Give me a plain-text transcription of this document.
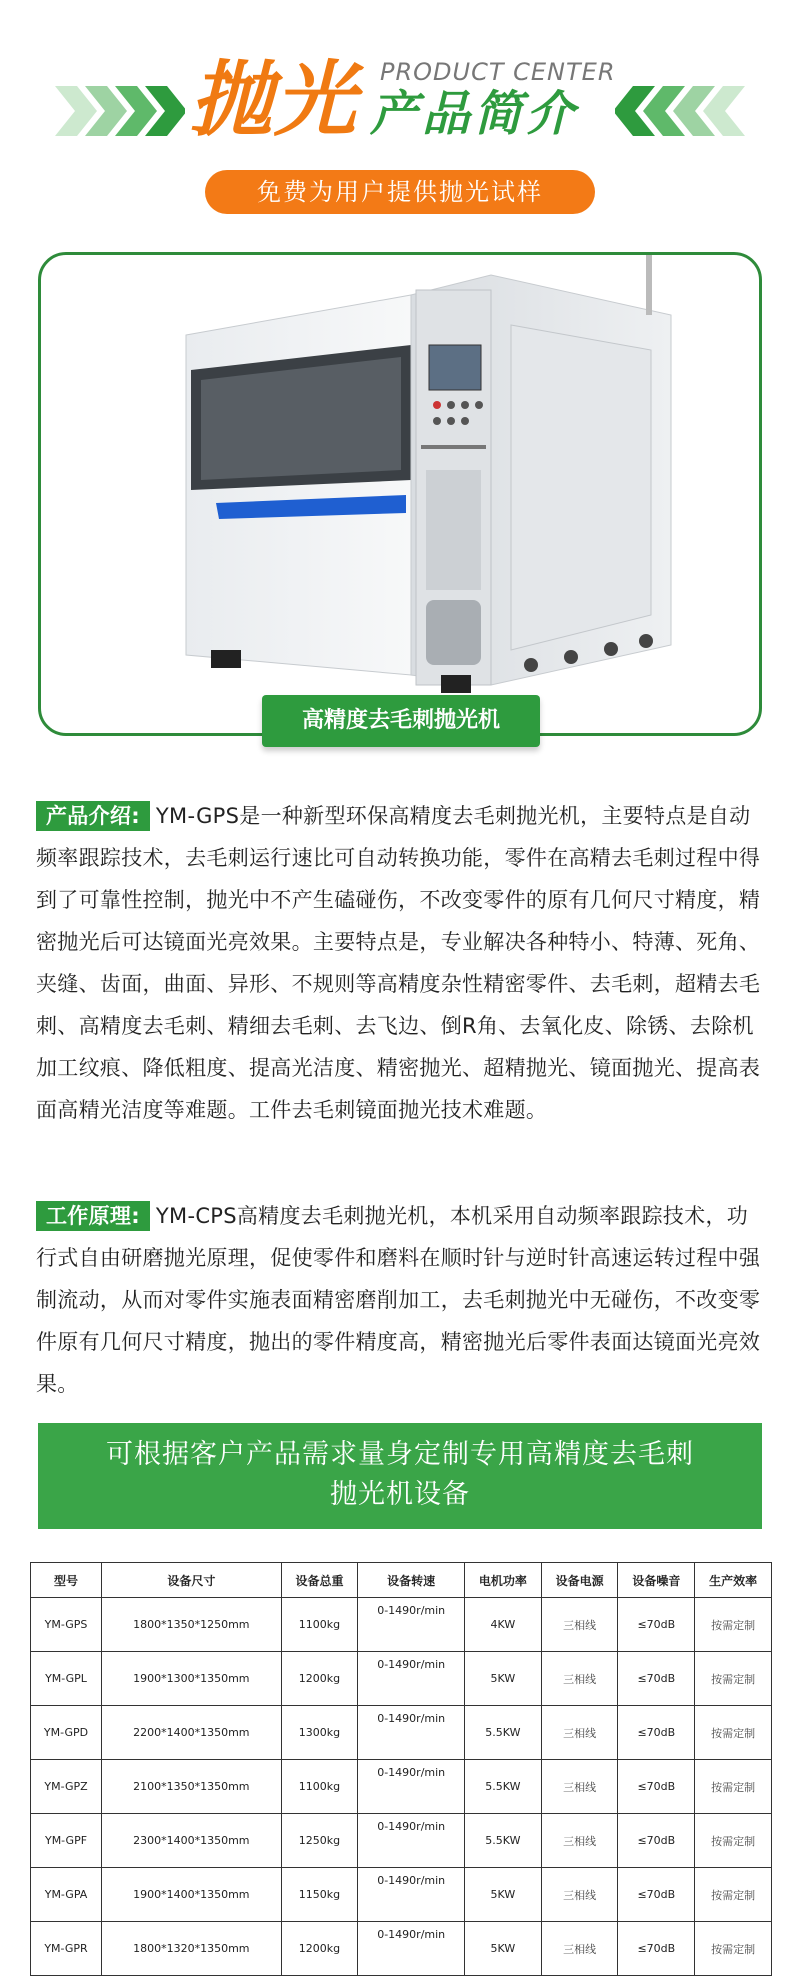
抛光 PRODUCT CENTER
产品简介
免费为用户提供抛光试样
高精度去毛刺抛光机
产品介绍: YM-GPS是一种新型环保高精度去毛刺抛光机，主要特点是自动频率跟踪技术，去毛刺运行速比可自动转换功能，零件在高精去毛刺过程中得到了可靠性控制，抛光中不产生磕碰伤，不改变零件的原有几何尺寸精度，精密抛光后可达镜面光亮效果。主要特点是，专业解决各种特小、特薄、死角、夹缝、齿面，曲面、异形、不规则等高精度杂性精密零件、去毛刺，超精去毛刺、高精度去毛刺、精细去毛刺、去飞边、倒R角、去氧化皮、除锈、去除机加工纹痕、降低粗度、提高光洁度、精密抛光、超精抛光、镜面抛光、提高表面高精光洁度等难题。工件去毛刺镜面抛光技术难题。
工作原理: YM-CPS高精度去毛刺抛光机，本机采用自动频率跟踪技术，功行式自由研磨抛光原理，促使零件和磨料在顺时针与逆时针高速运转过程中强制流动，从而对零件实施表面精密磨削加工，去毛刺抛光中无碰伤，不改变零件原有几何尺寸精度，抛出的零件精度高，精密抛光后零件表面达镜面光亮效果。
可根据客户产品需求量身定制专用高精度去毛刺
抛光机设备
型号	设备尺寸	设备总重	设备转速	电机功率	设备电源	设备噪音	生产效率
YM-GPS	1800*1350*1250mm	1100kg	0-1490r/min	4KW	三相线	≤70dB	按需定制
YM-GPL	1900*1300*1350mm	1200kg	0-1490r/min	5KW	三相线	≤70dB	按需定制
YM-GPD	2200*1400*1350mm	1300kg	0-1490r/min	5.5KW	三相线	≤70dB	按需定制
YM-GPZ	2100*1350*1350mm	1100kg	0-1490r/min	5.5KW	三相线	≤70dB	按需定制
YM-GPF	2300*1400*1350mm	1250kg	0-1490r/min	5.5KW	三相线	≤70dB	按需定制
YM-GPA	1900*1400*1350mm	1150kg	0-1490r/min	5KW	三相线	≤70dB	按需定制
YM-GPR	1800*1320*1350mm	1200kg	0-1490r/min	5KW	三相线	≤70dB	按需定制
